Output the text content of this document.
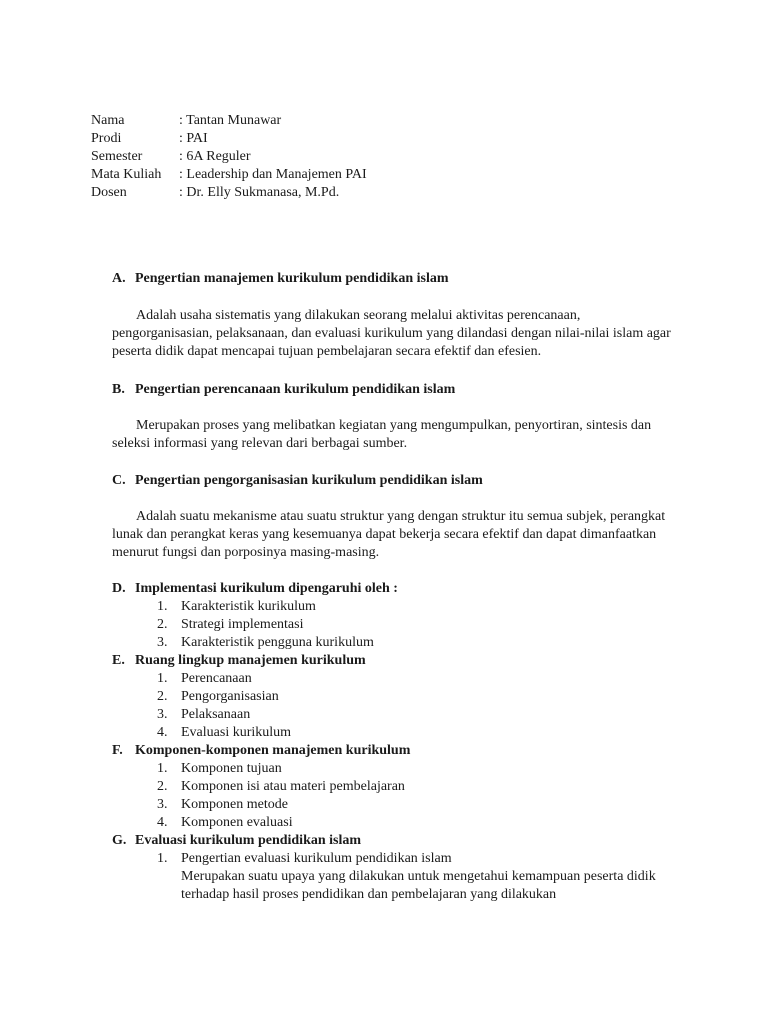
Nama	: Tantan Munawar
Prodi	: PAI
Semester	: 6A Reguler
Mata Kuliah	: Leadership dan Manajemen PAI
Dosen	: Dr. Elly Sukmanasa, M.Pd.
A. Pengertian manajemen kurikulum pendidikan islam
Adalah usaha sistematis yang dilakukan seorang melalui aktivitas perencanaan, pengorganisasian, pelaksanaan, dan evaluasi kurikulum yang dilandasi dengan nilai-nilai islam agar peserta didik dapat mencapai tujuan pembelajaran secara efektif dan efesien.
B. Pengertian perencanaan kurikulum pendidikan islam
Merupakan proses yang melibatkan kegiatan yang mengumpulkan, penyortiran, sintesis dan seleksi informasi yang relevan dari berbagai sumber.
C. Pengertian pengorganisasian kurikulum pendidikan islam
Adalah suatu mekanisme atau suatu struktur yang dengan struktur itu semua subjek, perangkat lunak dan perangkat keras yang kesemuanya dapat bekerja secara efektif dan dapat dimanfaatkan menurut fungsi dan porposinya masing-masing.
D. Implementasi kurikulum dipengaruhi oleh :
1. Karakteristik kurikulum
2. Strategi implementasi
3. Karakteristik pengguna kurikulum
E. Ruang lingkup manajemen kurikulum
1. Perencanaan
2. Pengorganisasian
3. Pelaksanaan
4. Evaluasi kurikulum
F. Komponen-komponen manajemen kurikulum
1. Komponen tujuan
2. Komponen isi atau materi pembelajaran
3. Komponen metode
4. Komponen evaluasi
G. Evaluasi kurikulum pendidikan islam
1. Pengertian evaluasi kurikulum pendidikan islam
Merupakan suatu upaya yang dilakukan untuk mengetahui kemampuan peserta didik terhadap hasil proses pendidikan dan pembelajaran yang dilakukan
